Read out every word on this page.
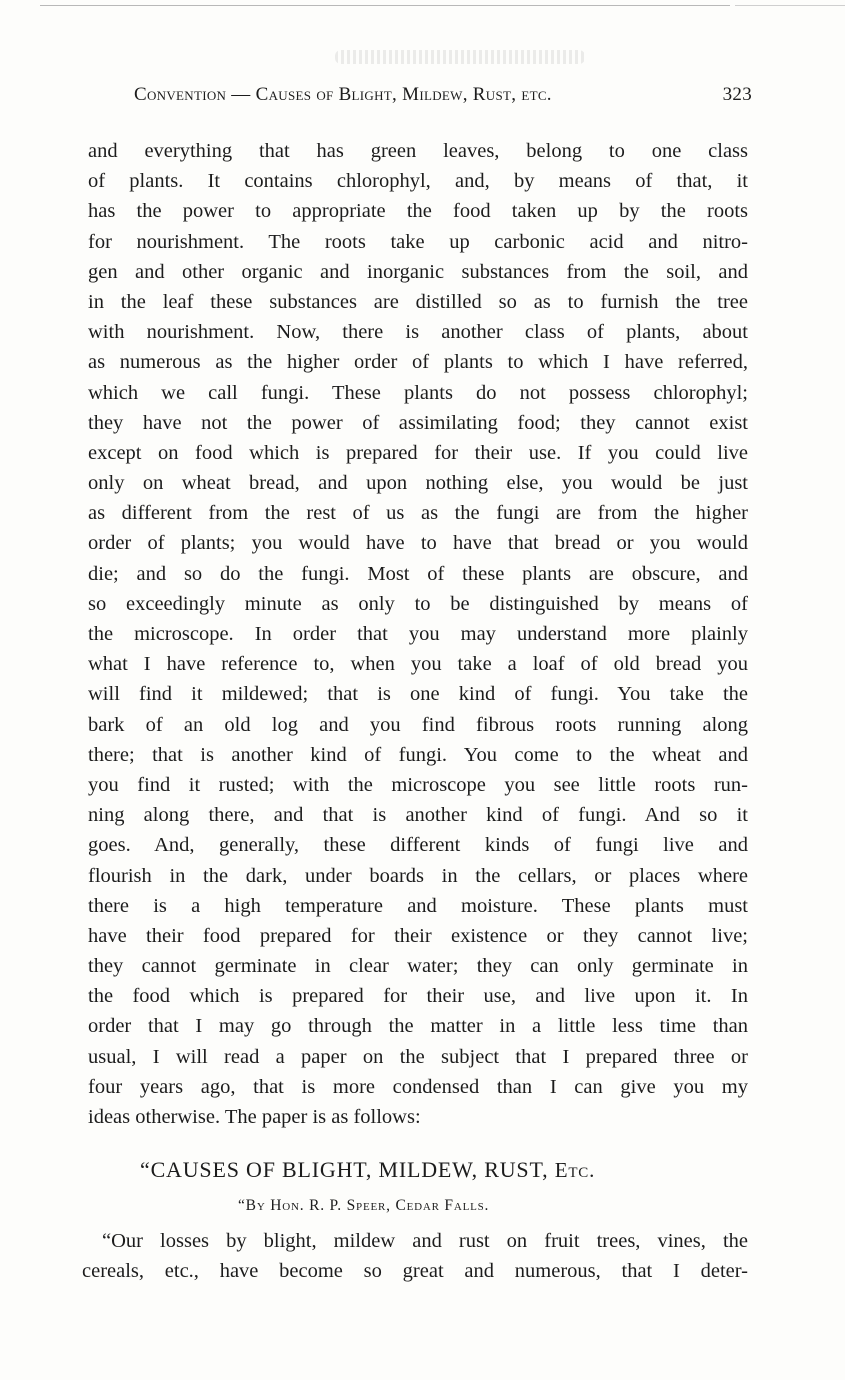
Convention — Causes of Blight, Mildew, Rust, etc.	323
and everything that has green leaves, belong to one class
of plants. It contains chlorophyl, and, by means of that, it
has the power to appropriate the food taken up by the roots
for nourishment. The roots take up carbonic acid and nitro-
gen and other organic and inorganic substances from the soil, and
in the leaf these substances are distilled so as to furnish the tree
with nourishment. Now, there is another class of plants, about
as numerous as the higher order of plants to which I have referred,
which we call fungi. These plants do not possess chlorophyl;
they have not the power of assimilating food; they cannot exist
except on food which is prepared for their use. If you could live
only on wheat bread, and upon nothing else, you would be just
as different from the rest of us as the fungi are from the higher
order of plants; you would have to have that bread or you would
die; and so do the fungi. Most of these plants are obscure, and
so exceedingly minute as only to be distinguished by means of
the microscope. In order that you may understand more plainly
what I have reference to, when you take a loaf of old bread you
will find it mildewed; that is one kind of fungi. You take the
bark of an old log and you find fibrous roots running along
there; that is another kind of fungi. You come to the wheat and
you find it rusted; with the microscope you see little roots run-
ning along there, and that is another kind of fungi. And so it
goes. And, generally, these different kinds of fungi live and
flourish in the dark, under boards in the cellars, or places where
there is a high temperature and moisture. These plants must
have their food prepared for their existence or they cannot live;
they cannot germinate in clear water; they can only germinate in
the food which is prepared for their use, and live upon it. In
order that I may go through the matter in a little less time than
usual, I will read a paper on the subject that I prepared three or
four years ago, that is more condensed than I can give you my
ideas otherwise. The paper is as follows:
“CAUSES OF BLIGHT, MILDEW, RUST, Etc.
“By Hon. R. P. Speer, Cedar Falls.
“Our losses by blight, mildew and rust on fruit trees, vines, the
cereals, etc., have become so great and numerous, that I deter-
